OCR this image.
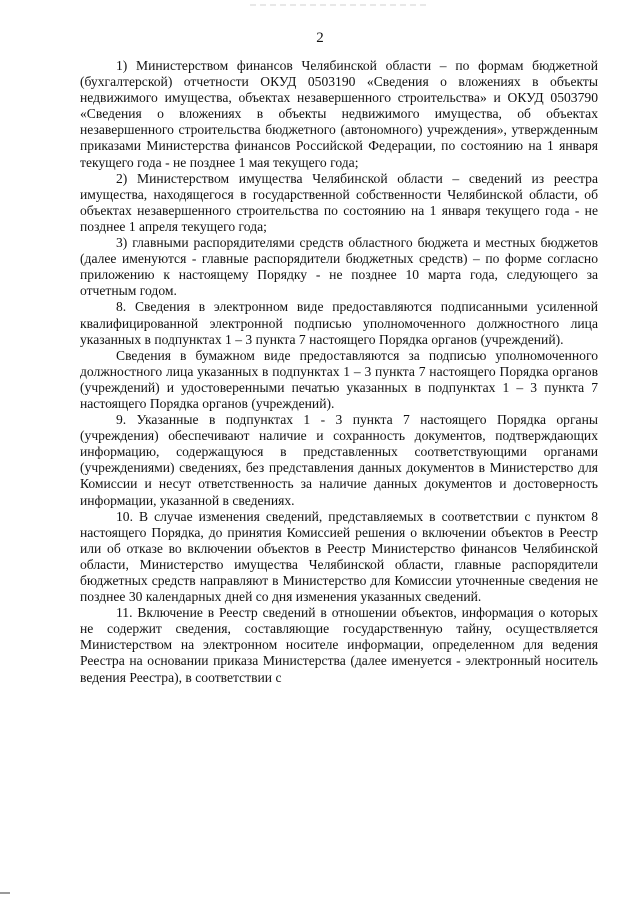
2

1) Министерством финансов Челябинской области – по формам бюджетной (бухгалтерской) отчетности ОКУД 0503190 «Сведения о вложениях в объекты недвижимого имущества, объектах незавершенного строительства» и ОКУД 0503790 «Сведения о вложениях в объекты недвижимого имущества, об объектах незавершенного строительства бюджетного (автономного) учреждения», утвержденным приказами Министерства финансов Российской Федерации, по состоянию на 1 января текущего года - не позднее 1 мая текущего года;

2) Министерством имущества Челябинской области – сведений из реестра имущества, находящегося в государственной собственности Челябинской области, об объектах незавершенного строительства по состоянию на 1 января текущего года - не позднее 1 апреля текущего года;

3) главными распорядителями средств областного бюджета и местных бюджетов (далее именуются - главные распорядители бюджетных средств) – по форме согласно приложению к настоящему Порядку - не позднее 10 марта года, следующего за отчетным годом.

8. Сведения в электронном виде предоставляются подписанными усиленной квалифицированной электронной подписью уполномоченного должностного лица указанных в подпунктах 1 – 3 пункта 7 настоящего Порядка органов (учреждений).

Сведения в бумажном виде предоставляются за подписью уполномоченного должностного лица указанных в подпунктах 1 – 3 пункта 7 настоящего Порядка органов (учреждений) и удостоверенными печатью указанных в подпунктах 1 – 3 пункта 7 настоящего Порядка органов (учреждений).

9. Указанные в подпунктах 1 - 3 пункта 7 настоящего Порядка органы (учреждения) обеспечивают наличие и сохранность документов, подтверждающих информацию, содержащуюся в представленных соответствующими органами (учреждениями) сведениях, без представления данных документов в Министерство для Комиссии и несут ответственность за наличие данных документов и достоверность информации, указанной в сведениях.

10. В случае изменения сведений, представляемых в соответствии с пунктом 8 настоящего Порядка, до принятия Комиссией решения о включении объектов в Реестр или об отказе во включении объектов в Реестр Министерство финансов Челябинской области, Министерство имущества Челябинской области, главные распорядители бюджетных средств направляют в Министерство для Комиссии уточненные сведения не позднее 30 календарных дней со дня изменения указанных сведений.

11. Включение в Реестр сведений в отношении объектов, информация о которых не содержит сведения, составляющие государственную тайну, осуществляется Министерством на электронном носителе информации, определенном для ведения Реестра на основании приказа Министерства (далее именуется - электронный носитель ведения Реестра), в соответствии с
